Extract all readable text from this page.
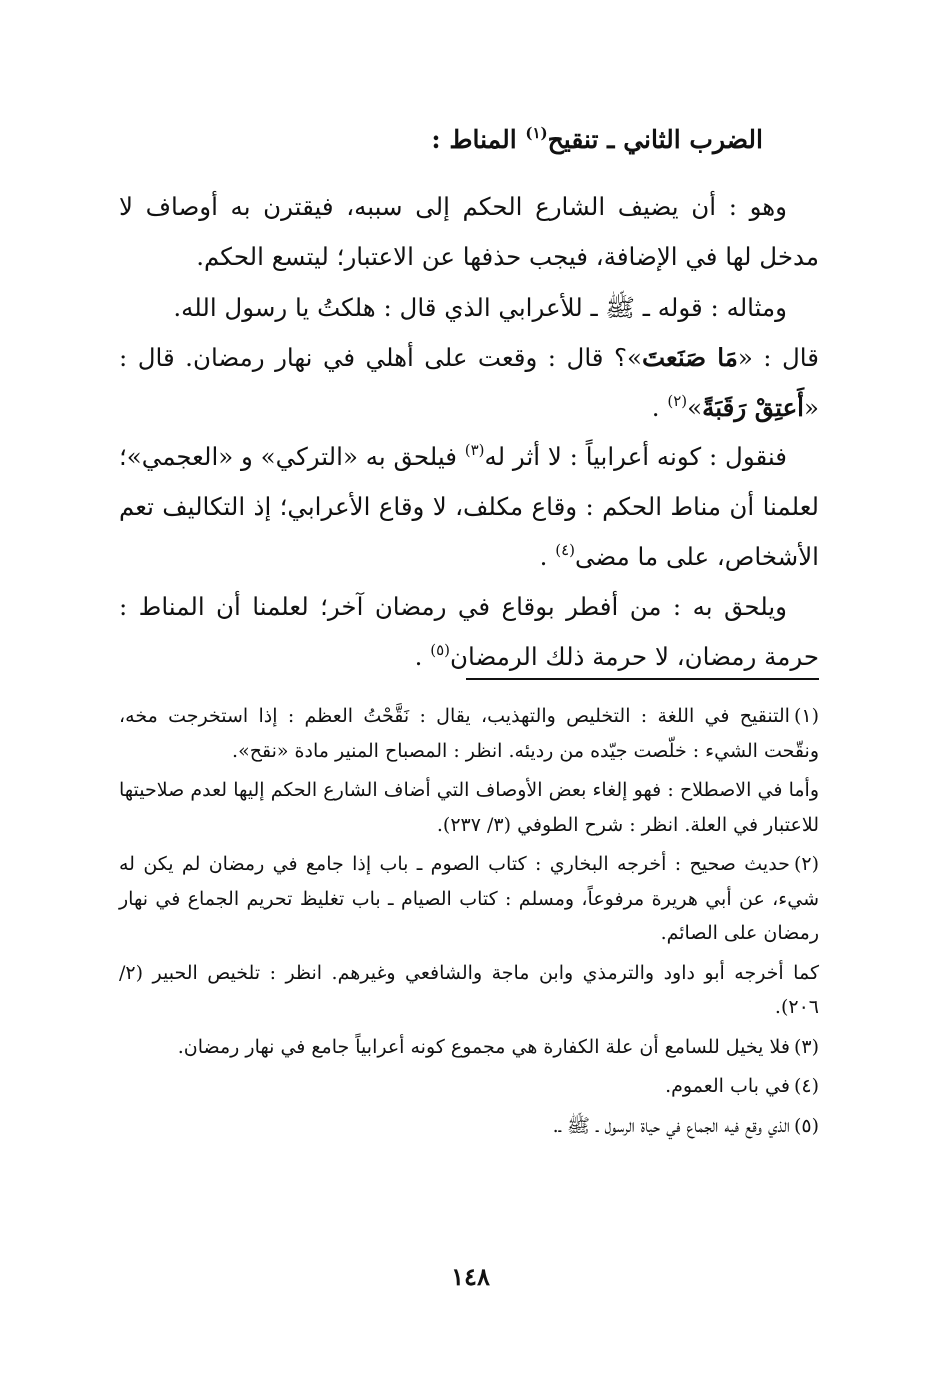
الضرب الثاني ـ تنقيح$^{(١)}$ المناط :

وهو : أن يضيف الشارع الحكم إلى سببه، فيقترن به أوصاف لا مدخل لها في الإضافة، فيجب حذفها عن الاعتبار؛ ليتسع الحكم.

ومثاله : قوله ـ ﷺ ـ للأعرابي الذي قال : هلكتُ يا رسول الله.

قال : «مَا صَنَعتَ»؟ قال : وقعت على أهلي في نهار رمضان. قال : «أَعتِقْ رَقَبَةً»$^{(٢)}$ .

فنقول : كونه أعرابياً : لا أثر له$^{(٣)}$ فيلحق به «التركي» و «العجمي»؛ لعلمنا أن مناط الحكم : وقاع مكلف، لا وقاع الأعرابي؛ إذ التكاليف تعم الأشخاص، على ما مضى$^{(٤)}$ .

ويلحق به : من أفطر بوقاع في رمضان آخر؛ لعلمنا أن المناط : حرمة رمضان، لا حرمة ذلك الرمضان$^{(٥)}$ .

(١)التنقيح في اللغة : التخليص والتهذيب، يقال : نَقَّحْتُ العظم : إذا استخرجت مخه، ونقّحت الشيء : خلّصت جيّده من رديئه. انظر : المصباح المنير مادة «نقح».

وأما في الاصطلاح : فهو إلغاء بعض الأوصاف التي أضاف الشارع الحكم إليها لعدم صلاحيتها للاعتبار في العلة. انظر : شرح الطوفي (٣/ ٢٣٧).

(٢)حديث صحيح : أخرجه البخاري : كتاب الصوم ـ باب إذا جامع في رمضان لم يكن له شيء، عن أبي هريرة مرفوعاً، ومسلم : كتاب الصيام ـ باب تغليظ تحريم الجماع في نهار رمضان على الصائم.

كما أخرجه أبو داود والترمذي وابن ماجة والشافعي وغيرهم. انظر : تلخيص الحبير (٢/ ٢٠٦).

(٣)فلا يخيل للسامع أن علة الكفارة هي مجموع كونه أعرابياً جامع في نهار رمضان.

(٤)في باب العموم.

(٥)الذي وقع فيه الجماع في حياة الرسول ـ ﷺ ـ.

١٤٨
